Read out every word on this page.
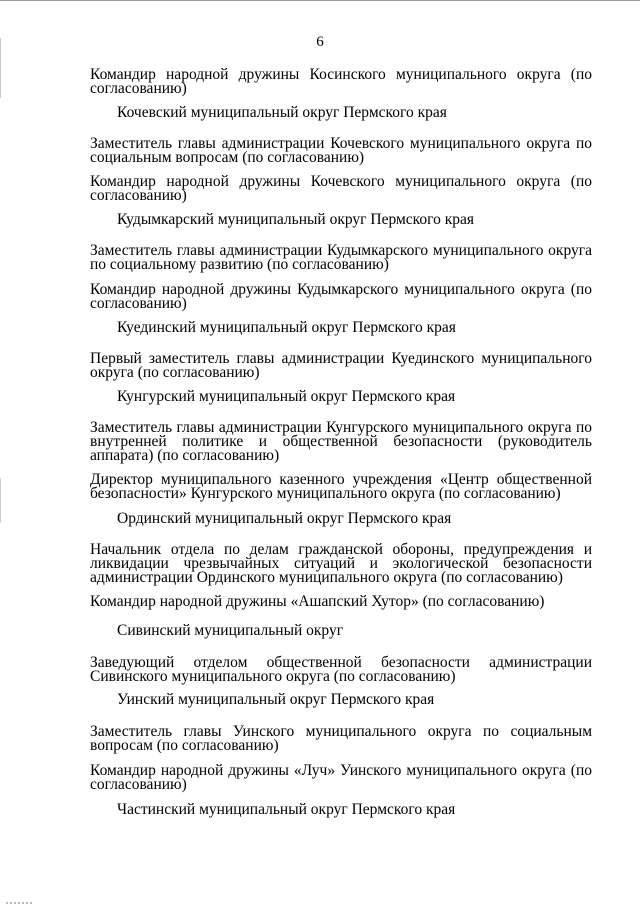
6

Командир народной дружины Косинского муниципального округа (по согласованию)

Кочевский муниципальный округ Пермского края

Заместитель главы администрации Кочевского муниципального округа по социальным вопросам (по согласованию)

Командир народной дружины Кочевского муниципального округа (по согласованию)

Кудымкарский муниципальный округ Пермского края

Заместитель главы администрации Кудымкарского муниципального округа по социальному развитию (по согласованию)

Командир народной дружины Кудымкарского муниципального округа (по согласованию)

Куединский муниципальный округ Пермского края

Первый заместитель главы администрации Куединского муниципального округа (по согласованию)

Кунгурский муниципальный округ Пермского края

Заместитель главы администрации Кунгурского муниципального округа по внутренней политике и общественной безопасности (руководитель аппарата) (по согласованию)

Директор муниципального казенного учреждения «Центр общественной безопасности» Кунгурского муниципального округа (по согласованию)

Ординский муниципальный округ Пермского края

Начальник отдела по делам гражданской обороны, предупреждения и ликвидации чрезвычайных ситуаций и экологической безопасности администрации Ординского муниципального округа (по согласованию)

Командир народной дружины «Ашапский Хутор» (по согласованию)

Сивинский муниципальный округ

Заведующий отделом общественной безопасности администрации Сивинского муниципального округа (по согласованию)

Уинский муниципальный округ Пермского края

Заместитель главы Уинского муниципального округа по социальным вопросам (по согласованию)

Командир народной дружины «Луч» Уинского муниципального округа (по согласованию)

Частинский муниципальный округ Пермского края
